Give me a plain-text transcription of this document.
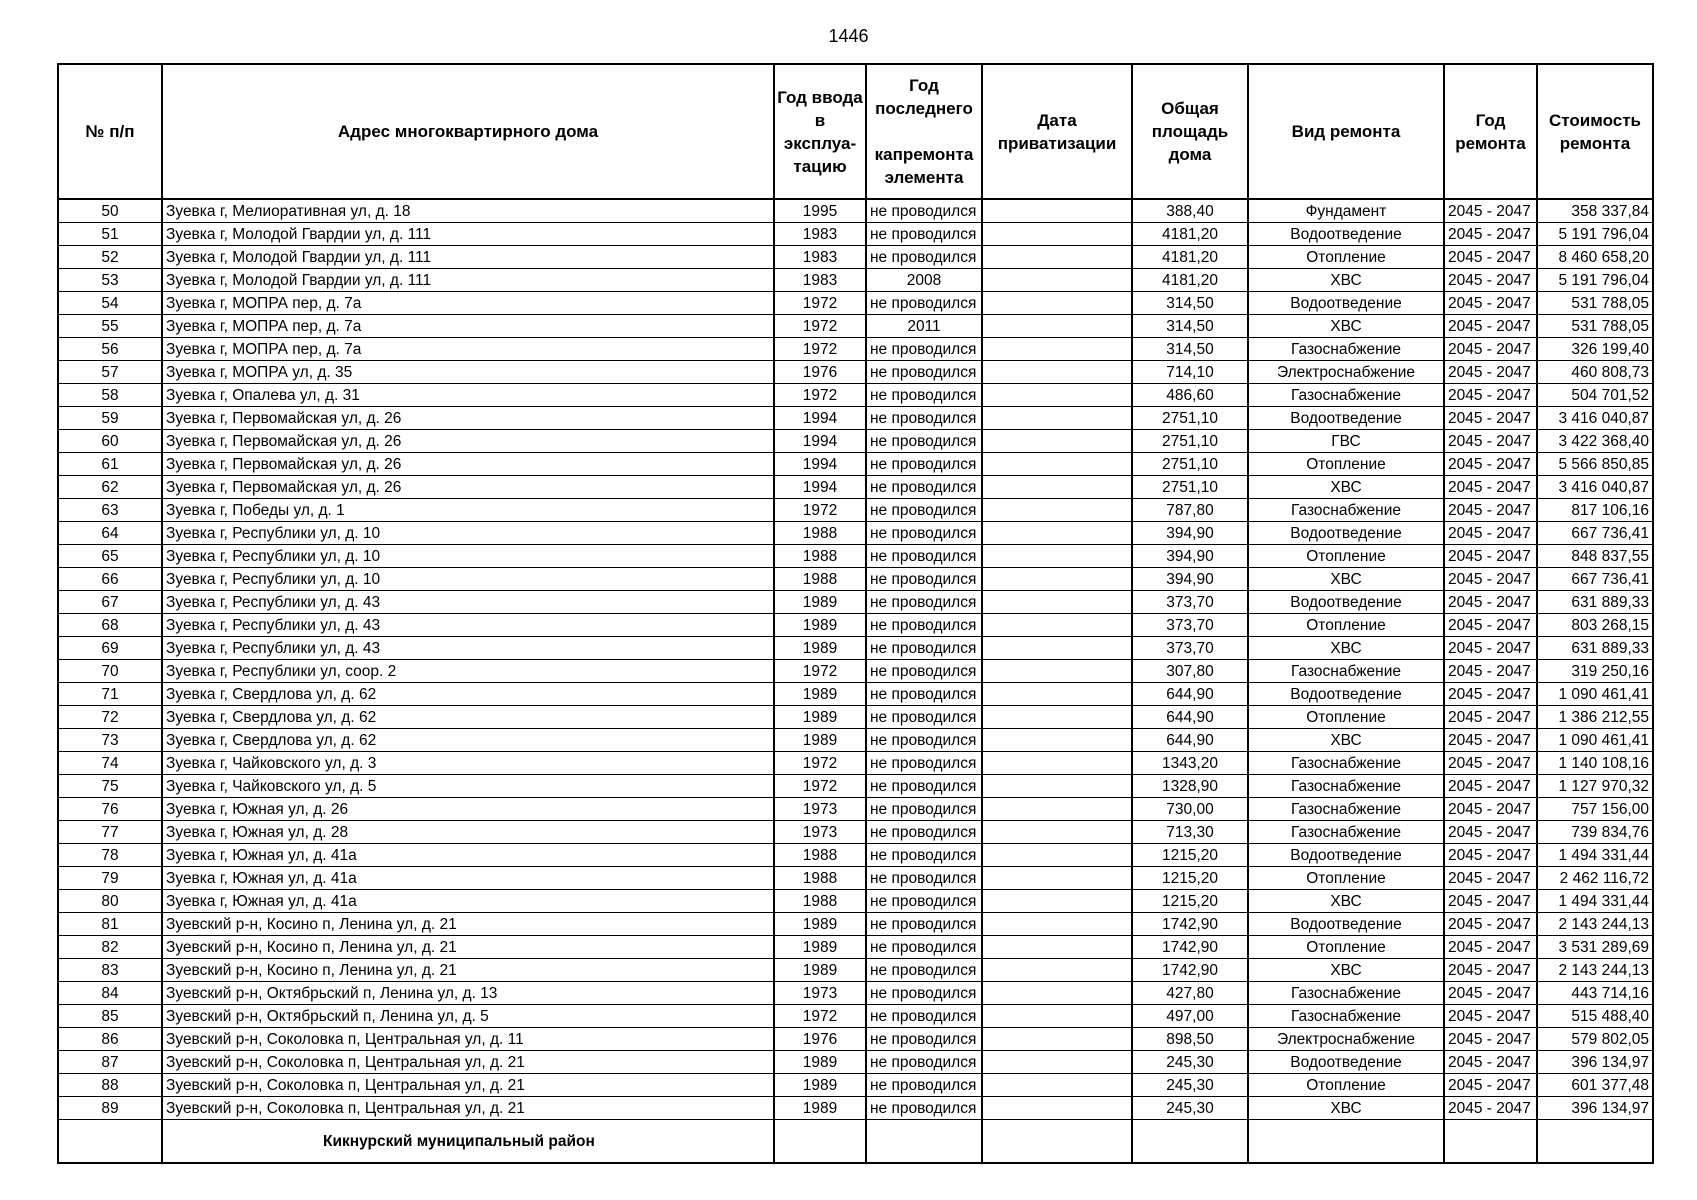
1446
№ п/п	Адрес многоквартирного дома	Год ввода в эксплуа-тацию	Год последнего
капремонта элемента	Дата приватизации	Общая площадь дома	Вид ремонта	Год ремонта	Стоимость ремонта
50	Зуевка г, Мелиоративная ул, д. 18	1995	не проводился		388,40	Фундамент	2045 - 2047	358 337,84
51	Зуевка г, Молодой Гвардии ул, д. 111	1983	не проводился		4181,20	Водоотведение	2045 - 2047	5 191 796,04
52	Зуевка г, Молодой Гвардии ул, д. 111	1983	не проводился		4181,20	Отопление	2045 - 2047	8 460 658,20
53	Зуевка г, Молодой Гвардии ул, д. 111	1983	2008		4181,20	ХВС	2045 - 2047	5 191 796,04
54	Зуевка г, МОПРА пер, д. 7а	1972	не проводился		314,50	Водоотведение	2045 - 2047	531 788,05
55	Зуевка г, МОПРА пер, д. 7а	1972	2011		314,50	ХВС	2045 - 2047	531 788,05
56	Зуевка г, МОПРА пер, д. 7а	1972	не проводился		314,50	Газоснабжение	2045 - 2047	326 199,40
57	Зуевка г, МОПРА ул, д. 35	1976	не проводился		714,10	Электроснабжение	2045 - 2047	460 808,73
58	Зуевка г, Опалева ул, д. 31	1972	не проводился		486,60	Газоснабжение	2045 - 2047	504 701,52
59	Зуевка г, Первомайская ул, д. 26	1994	не проводился		2751,10	Водоотведение	2045 - 2047	3 416 040,87
60	Зуевка г, Первомайская ул, д. 26	1994	не проводился		2751,10	ГВС	2045 - 2047	3 422 368,40
61	Зуевка г, Первомайская ул, д. 26	1994	не проводился		2751,10	Отопление	2045 - 2047	5 566 850,85
62	Зуевка г, Первомайская ул, д. 26	1994	не проводился		2751,10	ХВС	2045 - 2047	3 416 040,87
63	Зуевка г, Победы ул, д. 1	1972	не проводился		787,80	Газоснабжение	2045 - 2047	817 106,16
64	Зуевка г, Республики ул, д. 10	1988	не проводился		394,90	Водоотведение	2045 - 2047	667 736,41
65	Зуевка г, Республики ул, д. 10	1988	не проводился		394,90	Отопление	2045 - 2047	848 837,55
66	Зуевка г, Республики ул, д. 10	1988	не проводился		394,90	ХВС	2045 - 2047	667 736,41
67	Зуевка г, Республики ул, д. 43	1989	не проводился		373,70	Водоотведение	2045 - 2047	631 889,33
68	Зуевка г, Республики ул, д. 43	1989	не проводился		373,70	Отопление	2045 - 2047	803 268,15
69	Зуевка г, Республики ул, д. 43	1989	не проводился		373,70	ХВС	2045 - 2047	631 889,33
70	Зуевка г, Республики ул, соор. 2	1972	не проводился		307,80	Газоснабжение	2045 - 2047	319 250,16
71	Зуевка г, Свердлова ул, д. 62	1989	не проводился		644,90	Водоотведение	2045 - 2047	1 090 461,41
72	Зуевка г, Свердлова ул, д. 62	1989	не проводился		644,90	Отопление	2045 - 2047	1 386 212,55
73	Зуевка г, Свердлова ул, д. 62	1989	не проводился		644,90	ХВС	2045 - 2047	1 090 461,41
74	Зуевка г, Чайковского ул, д. 3	1972	не проводился		1343,20	Газоснабжение	2045 - 2047	1 140 108,16
75	Зуевка г, Чайковского ул, д. 5	1972	не проводился		1328,90	Газоснабжение	2045 - 2047	1 127 970,32
76	Зуевка г, Южная ул, д. 26	1973	не проводился		730,00	Газоснабжение	2045 - 2047	757 156,00
77	Зуевка г, Южная ул, д. 28	1973	не проводился		713,30	Газоснабжение	2045 - 2047	739 834,76
78	Зуевка г, Южная ул, д. 41а	1988	не проводился		1215,20	Водоотведение	2045 - 2047	1 494 331,44
79	Зуевка г, Южная ул, д. 41а	1988	не проводился		1215,20	Отопление	2045 - 2047	2 462 116,72
80	Зуевка г, Южная ул, д. 41а	1988	не проводился		1215,20	ХВС	2045 - 2047	1 494 331,44
81	Зуевский р-н, Косино п, Ленина ул, д. 21	1989	не проводился		1742,90	Водоотведение	2045 - 2047	2 143 244,13
82	Зуевский р-н, Косино п, Ленина ул, д. 21	1989	не проводился		1742,90	Отопление	2045 - 2047	3 531 289,69
83	Зуевский р-н, Косино п, Ленина ул, д. 21	1989	не проводился		1742,90	ХВС	2045 - 2047	2 143 244,13
84	Зуевский р-н, Октябрьский п, Ленина ул, д. 13	1973	не проводился		427,80	Газоснабжение	2045 - 2047	443 714,16
85	Зуевский р-н, Октябрьский п, Ленина ул, д. 5	1972	не проводился		497,00	Газоснабжение	2045 - 2047	515 488,40
86	Зуевский р-н, Соколовка п, Центральная ул, д. 11	1976	не проводился		898,50	Электроснабжение	2045 - 2047	579 802,05
87	Зуевский р-н, Соколовка п, Центральная ул, д. 21	1989	не проводился		245,30	Водоотведение	2045 - 2047	396 134,97
88	Зуевский р-н, Соколовка п, Центральная ул, д. 21	1989	не проводился		245,30	Отопление	2045 - 2047	601 377,48
89	Зуевский р-н, Соколовка п, Центральная ул, д. 21	1989	не проводился		245,30	ХВС	2045 - 2047	396 134,97
	Кикнурский муниципальный район							
